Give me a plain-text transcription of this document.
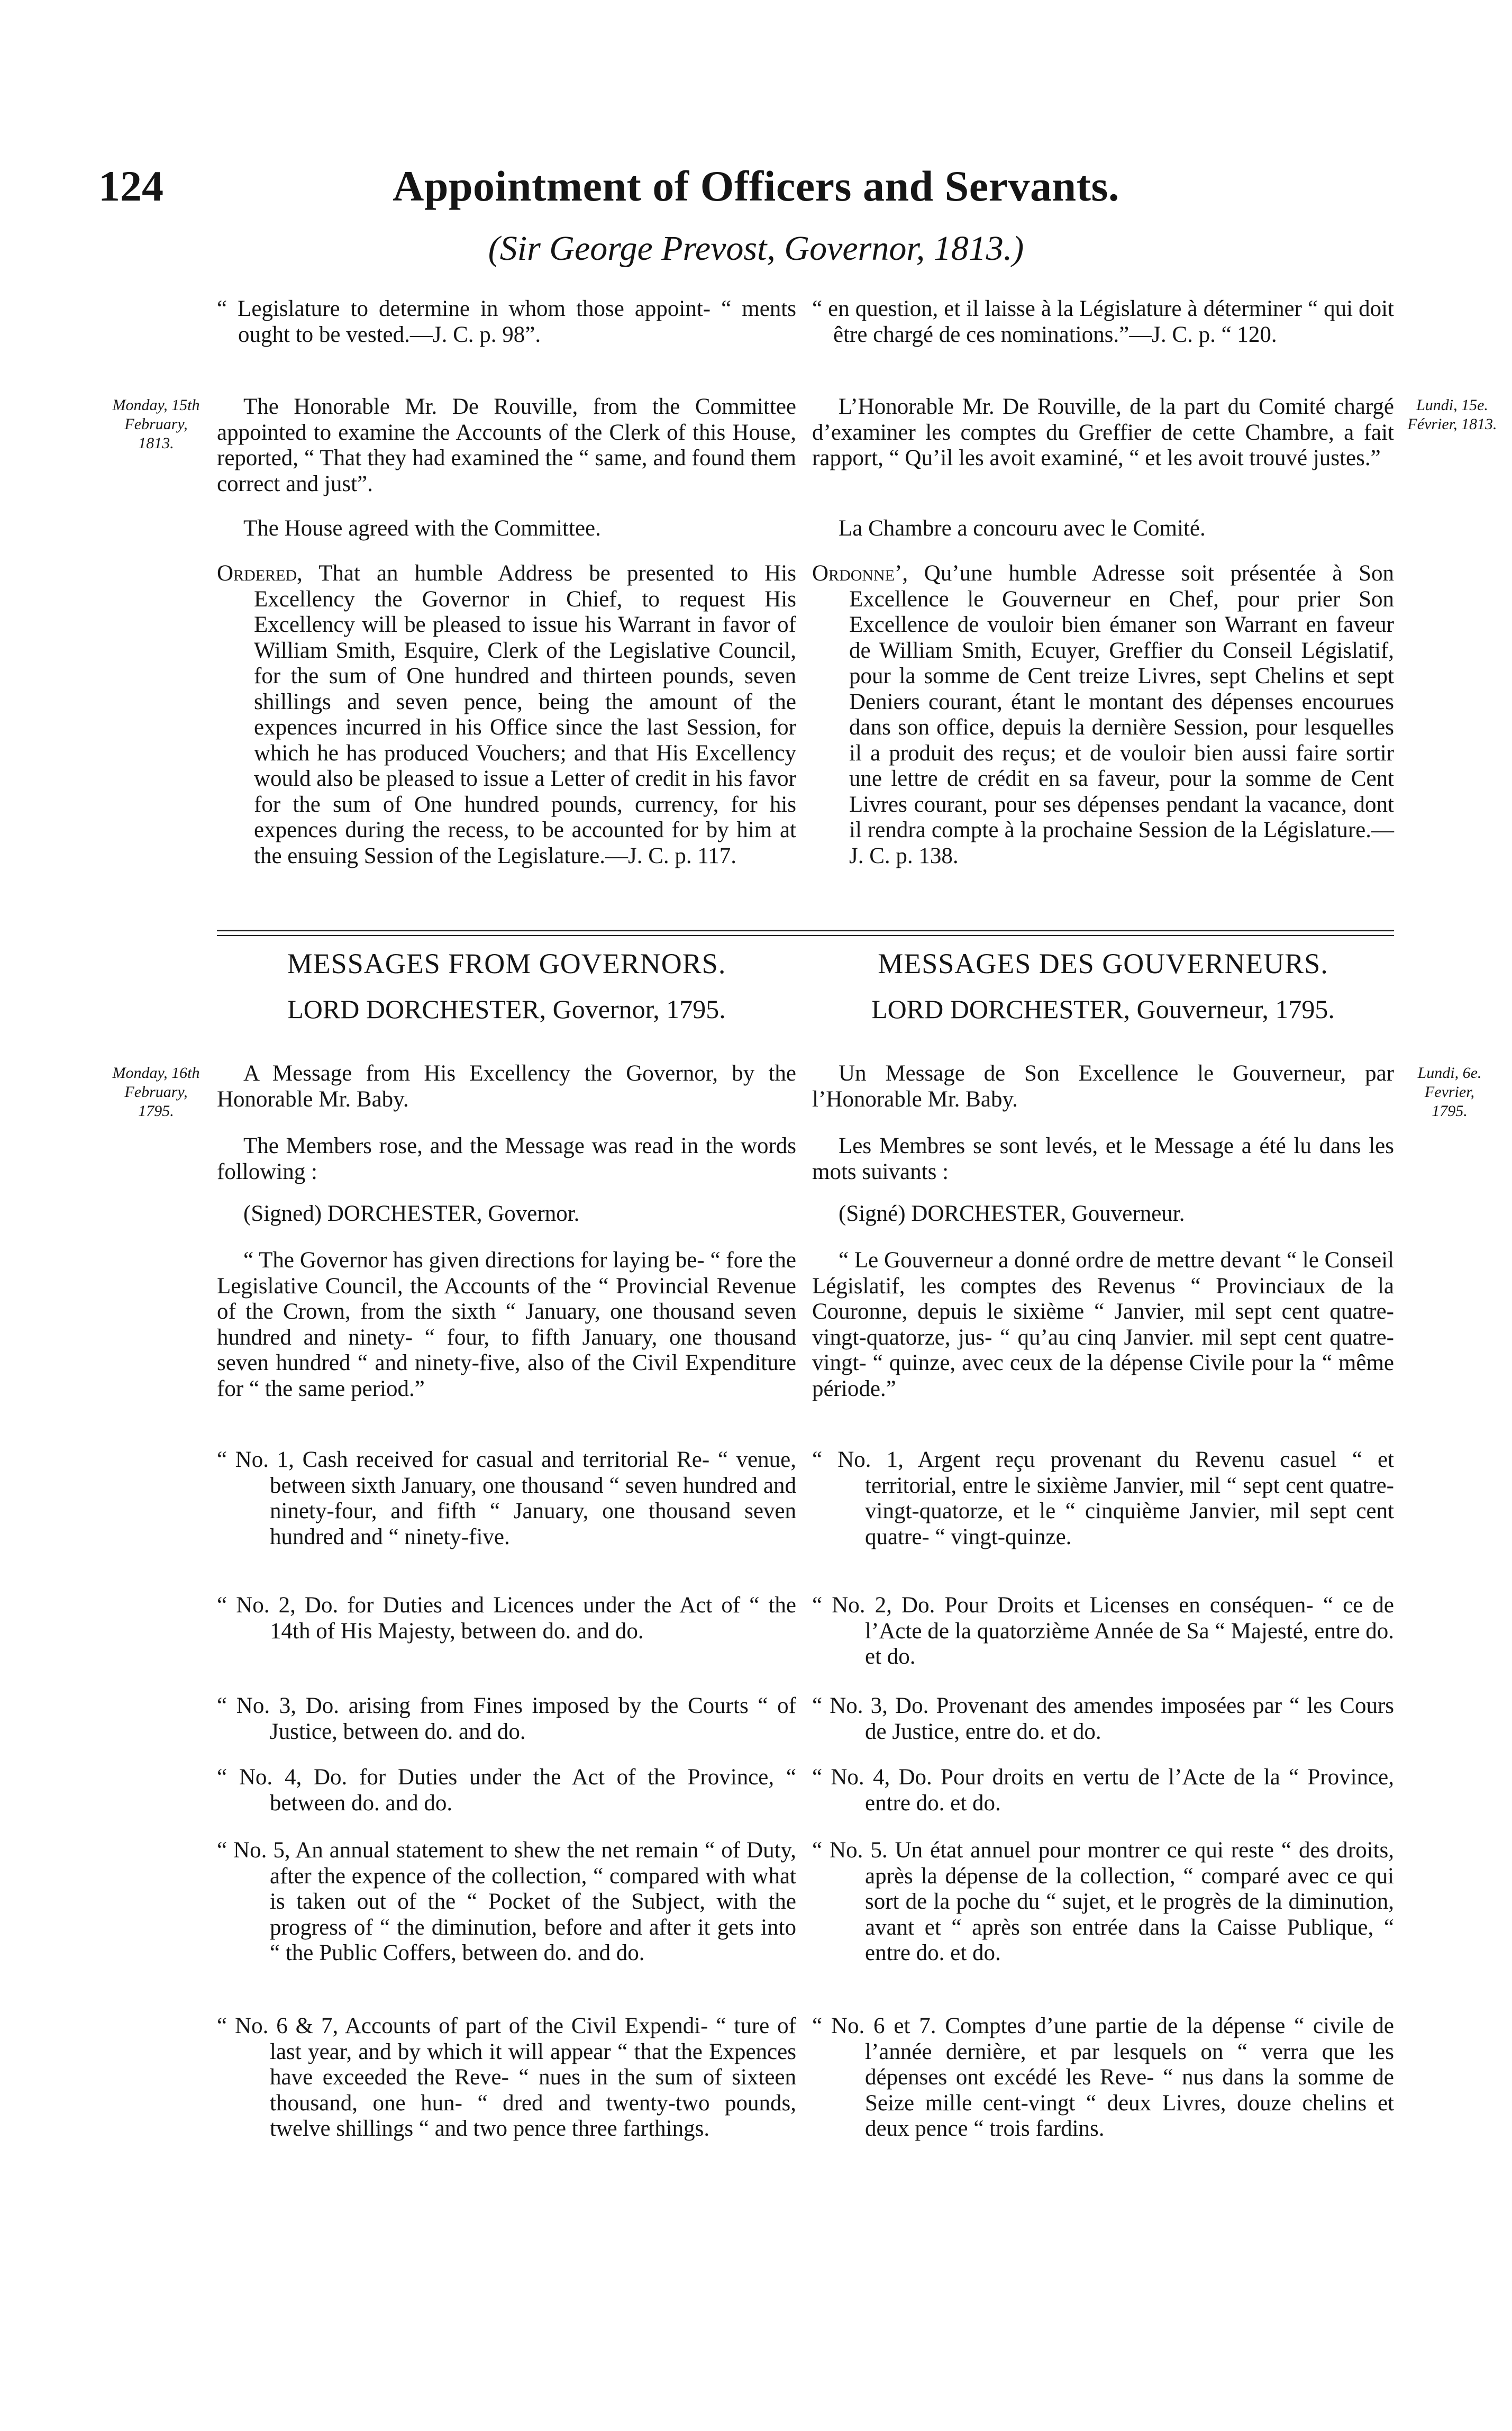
124	Appointment of Officers and Servants.
(Sir George Prevost, Governor, 1813.)

“ Legislature to determine in whom those appoint- “ ments ought to be vested.—J. C. p. 98”.

“ en question, et il laisse à la Législature à déterminer “ qui doit être chargé de ces nominations.”—J. C. p. “ 120.

Monday, 15th February, 1813.
Lundi, 15e. Février, 1813.

The Honorable Mr. De Rouville, from the Committee appointed to examine the Accounts of the Clerk of this House, reported, “ That they had examined the “ same, and found them correct and just”.

L’Honorable Mr. De Rouville, de la part du Comité chargé d’examiner les comptes du Greffier de cette Chambre, a fait rapport, “ Qu’il les avoit examiné, “ et les avoit trouvé justes.”

The House agreed with the Committee.	La Chambre a concouru avec le Comité.

Ordered, That an humble Address be presented to His Excellency the Governor in Chief, to request His Excellency will be pleased to issue his Warrant in favor of William Smith, Esquire, Clerk of the Legislative Council, for the sum of One hundred and thirteen pounds, seven shillings and seven pence, being the amount of the expences incurred in his Office since the last Session, for which he has produced Vouchers; and that His Excellency would also be pleased to issue a Letter of credit in his favor for the sum of One hundred pounds, currency, for his expences during the recess, to be accounted for by him at the ensuing Session of the Legislature.—J. C. p. 117.

Ordonne’, Qu’une humble Adresse soit présentée à Son Excellence le Gouverneur en Chef, pour prier Son Excellence de vouloir bien émaner son Warrant en faveur de William Smith, Ecuyer, Greffier du Conseil Législatif, pour la somme de Cent treize Livres, sept Chelins et sept Deniers courant, étant le montant des dépenses encourues dans son office, depuis la dernière Session, pour lesquelles il a produit des reçus; et de vouloir bien aussi faire sortir une lettre de crédit en sa faveur, pour la somme de Cent Livres courant, pour ses dépenses pendant la vacance, dont il rendra compte à la prochaine Session de la Législature.—J. C. p. 138.

MESSAGES FROM GOVERNORS.	MESSAGES DES GOUVERNEURS.
LORD DORCHESTER, Governor, 1795.	LORD DORCHESTER, Gouverneur, 1795.
Monday, 16th February, 1795.
Lundi, 6e. Fevrier, 1795.

A Message from His Excellency the Governor, by the Honorable Mr. Baby.

Un Message de Son Excellence le Gouverneur, par l’Honorable Mr. Baby.

The Members rose, and the Message was read in the words following :

Les Membres se sont levés, et le Message a été lu dans les mots suivants :

(Signed) DORCHESTER, Governor.	(Signé) DORCHESTER, Gouverneur.

“ The Governor has given directions for laying be- “ fore the Legislative Council, the Accounts of the “ Provincial Revenue of the Crown, from the sixth “ January, one thousand seven hundred and ninety- “ four, to fifth January, one thousand seven hundred “ and ninety-five, also of the Civil Expenditure for “ the same period.”

“ Le Gouverneur a donné ordre de mettre devant “ le Conseil Législatif, les comptes des Revenus “ Provinciaux de la Couronne, depuis le sixième “ Janvier, mil sept cent quatre-vingt-quatorze, jus- “ qu’au cinq Janvier. mil sept cent quatre-vingt- “ quinze, avec ceux de la dépense Civile pour la “ même période.”

“ No. 1, Cash received for casual and territorial Re- “ venue, between sixth January, one thousand “ seven hundred and ninety-four, and fifth “ January, one thousand seven hundred and “ ninety-five.

“ No. 1, Argent reçu provenant du Revenu casuel “ et territorial, entre le sixième Janvier, mil “ sept cent quatre-vingt-quatorze, et le “ cinquième Janvier, mil sept cent quatre- “ vingt-quinze.

“ No. 2, Do. for Duties and Licences under the Act of “ the 14th of His Majesty, between do. and do.

“ No. 2, Do. Pour Droits et Licenses en conséquen- “ ce de l’Acte de la quatorzième Année de Sa “ Majesté, entre do. et do.

“ No. 3, Do. arising from Fines imposed by the Courts “ of Justice, between do. and do.

“ No. 3, Do. Provenant des amendes imposées par “ les Cours de Justice, entre do. et do.

“ No. 4, Do. for Duties under the Act of the Province, “ between do. and do.

“ No. 4, Do. Pour droits en vertu de l’Acte de la “ Province, entre do. et do.

“ No. 5, An annual statement to shew the net remain “ of Duty, after the expence of the collection, “ compared with what is taken out of the “ Pocket of the Subject, with the progress of “ the diminution, before and after it gets into “ the Public Coffers, between do. and do.

“ No. 5. Un état annuel pour montrer ce qui reste “ des droits, après la dépense de la collection, “ comparé avec ce qui sort de la poche du “ sujet, et le progrès de la diminution, avant et “ après son entrée dans la Caisse Publique, “ entre do. et do.

“ No. 6 & 7, Accounts of part of the Civil Expendi- “ ture of last year, and by which it will appear “ that the Expences have exceeded the Reve- “ nues in the sum of sixteen thousand, one hun- “ dred and twenty-two pounds, twelve shillings “ and two pence three farthings.

“ No. 6 et 7. Comptes d’une partie de la dépense “ civile de l’année dernière, et par lesquels on “ verra que les dépenses ont excédé les Reve- “ nus dans la somme de Seize mille cent-vingt “ deux Livres, douze chelins et deux pence “ trois fardins.
